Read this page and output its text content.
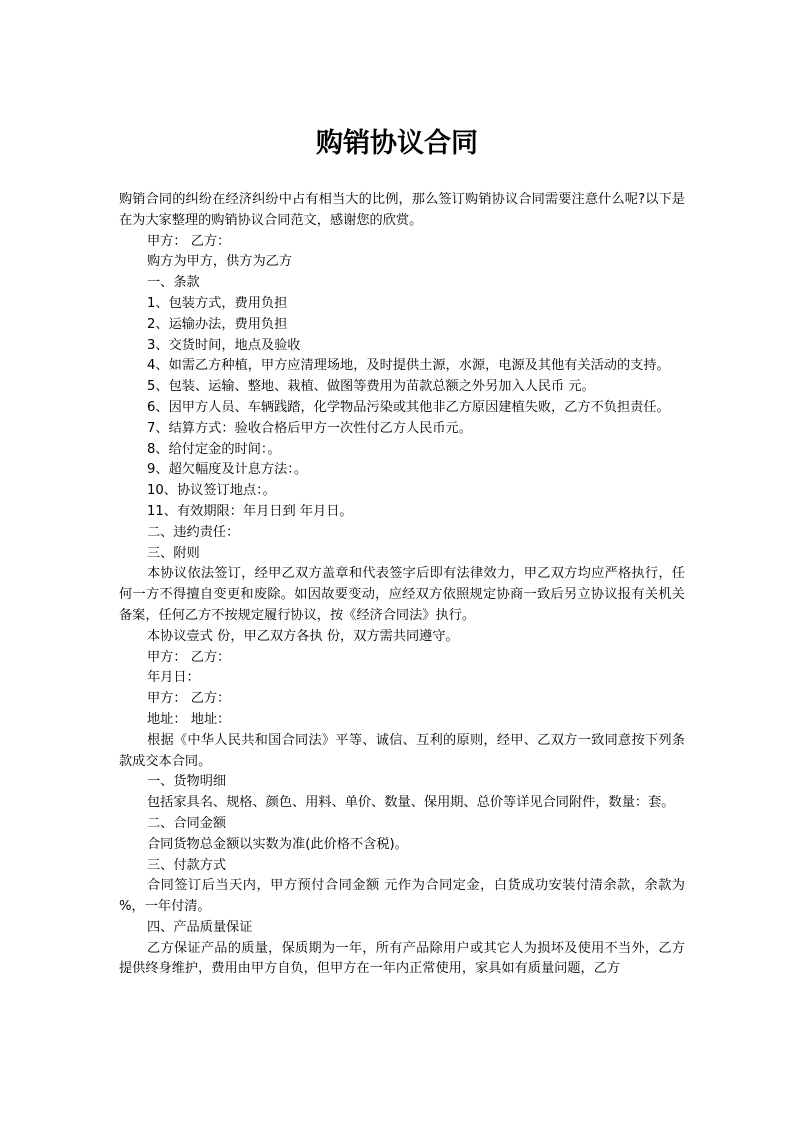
购销协议合同

购销合同的纠纷在经济纠纷中占有相当大的比例，那么签订购销协议合同需要注意什么呢?以下是在为大家整理的购销协议合同范文，感谢您的欣赏。

甲方： 乙方：

购方为甲方，供方为乙方

一、条款

1、包装方式，费用负担

2、运输办法，费用负担

3、交货时间，地点及验收

4、如需乙方种植，甲方应清理场地，及时提供土源，水源，电源及其他有关活动的支持。

5、包装、运输、整地、栽植、做图等费用为苗款总额之外另加入人民币 元。

6、因甲方人员、车辆践踏，化学物品污染或其他非乙方原因建植失败，乙方不负担责任。

7、结算方式：验收合格后甲方一次性付乙方人民币元。

8、给付定金的时间：。

9、超欠幅度及计息方法：。

10、协议签订地点：。

11、有效期限：年月日到 年月日。

二、违约责任：

三、附则

本协议依法签订，经甲乙双方盖章和代表签字后即有法律效力，甲乙双方均应严格执行，任何一方不得擅自变更和废除。如因故要变动，应经双方依照规定协商一致后另立协议报有关机关备案，任何乙方不按规定履行协议，按《经济合同法》执行。

本协议壹式 份，甲乙双方各执 份，双方需共同遵守。

甲方： 乙方：

年月日：

甲方： 乙方：

地址： 地址：

根据《中华人民共和国合同法》平等、诚信、互利的原则，经甲、乙双方一致同意按下列条款成交本合同。

一、货物明细

包括家具名、规格、颜色、用料、单价、数量、保用期、总价等详见合同附件，数量：套。

二、合同金额

合同货物总金额以实数为准(此价格不含税)。

三、付款方式

合同签订后当天内，甲方预付合同金额 元作为合同定金，白货成功安装付清余款，余款为 %，一年付清。

四、产品质量保证

乙方保证产品的质量，保质期为一年，所有产品除用户或其它人为损坏及使用不当外，乙方提供终身维护，费用由甲方自负，但甲方在一年内正常使用，家具如有质量问题，乙方
